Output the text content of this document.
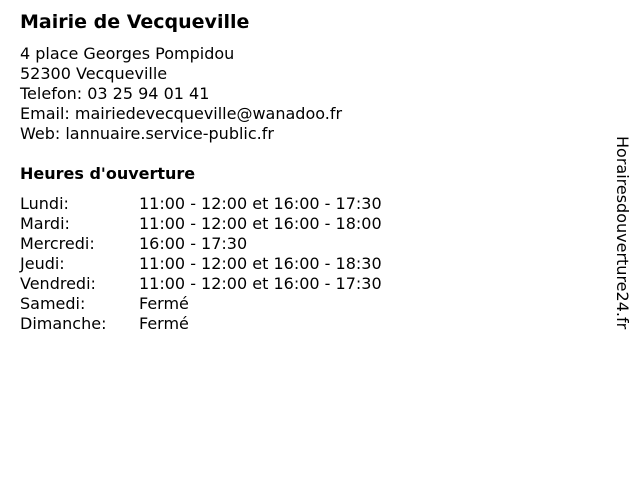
Mairie de Vecqueville
4 place Georges Pompidou
52300 Vecqueville
Telefon: 03 25 94 01 41
Email: mairiedevecqueville@wanadoo.fr
Web: lannuaire.service-public.fr
Heures d'ouverture
Lundi:	11:00 - 12:00 et 16:00 - 17:30
Mardi:	11:00 - 12:00 et 16:00 - 18:00
Mercredi:	16:00 - 17:30
Jeudi:	11:00 - 12:00 et 16:00 - 18:30
Vendredi:	11:00 - 12:00 et 16:00 - 17:30
Samedi:	Fermé
Dimanche:	Fermé	Horairesdouverture24.fr
